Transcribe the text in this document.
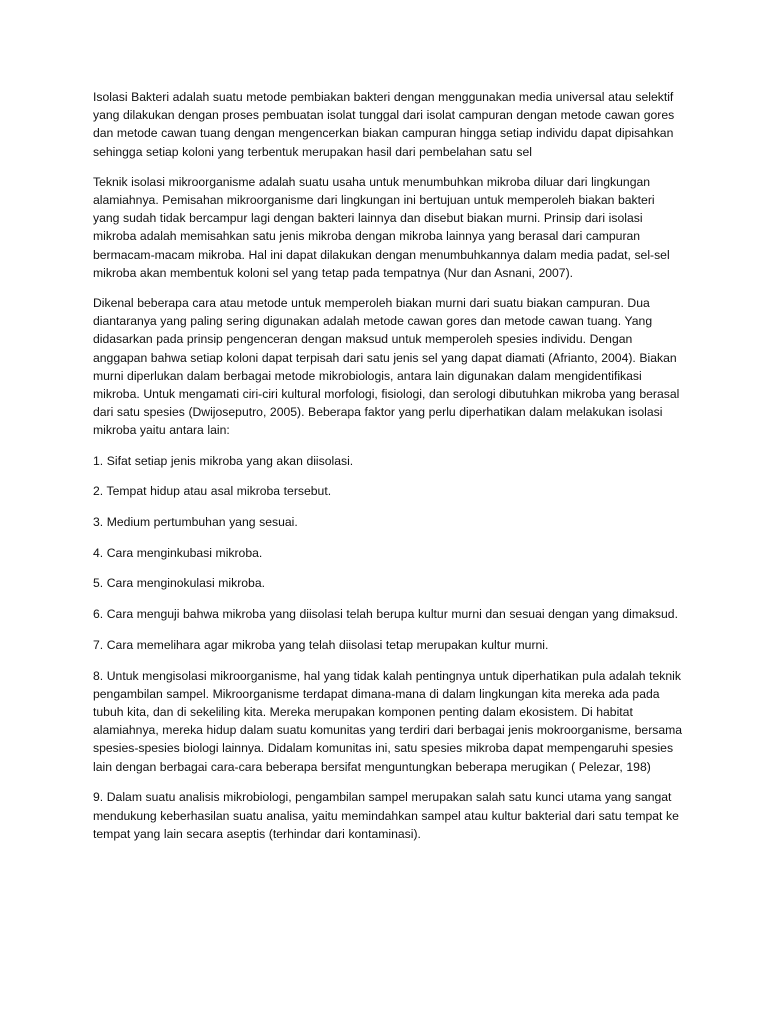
Isolasi Bakteri adalah suatu metode pembiakan bakteri dengan menggunakan media universal atau selektif yang dilakukan dengan proses pembuatan isolat tunggal dari isolat campuran dengan metode cawan gores dan metode cawan tuang dengan mengencerkan biakan campuran hingga setiap individu dapat dipisahkan sehingga setiap koloni yang terbentuk merupakan hasil dari pembelahan satu sel

Teknik isolasi mikroorganisme adalah suatu usaha untuk menumbuhkan mikroba diluar dari lingkungan alamiahnya. Pemisahan mikroorganisme dari lingkungan ini bertujuan untuk memperoleh biakan bakteri yang sudah tidak bercampur lagi dengan bakteri lainnya dan disebut biakan murni. Prinsip dari isolasi mikroba adalah memisahkan satu jenis mikroba dengan mikroba lainnya yang berasal dari campuran bermacam-macam mikroba. Hal ini dapat dilakukan dengan menumbuhkannya dalam media padat, sel-sel mikroba akan membentuk koloni sel yang tetap pada tempatnya (Nur dan Asnani, 2007).

Dikenal beberapa cara atau metode untuk memperoleh biakan murni dari suatu biakan campuran. Dua diantaranya yang paling sering digunakan adalah metode cawan gores dan metode cawan tuang. Yang didasarkan pada prinsip pengenceran dengan maksud untuk memperoleh spesies individu. Dengan anggapan bahwa setiap koloni dapat terpisah dari satu jenis sel yang dapat diamati (Afrianto, 2004). Biakan murni diperlukan dalam berbagai metode mikrobiologis, antara lain digunakan dalam mengidentifikasi mikroba. Untuk mengamati ciri-ciri kultural morfologi, fisiologi, dan serologi dibutuhkan mikroba yang berasal dari satu spesies (Dwijoseputro, 2005). Beberapa faktor yang perlu diperhatikan dalam melakukan isolasi mikroba yaitu antara lain:

1. Sifat setiap jenis mikroba yang akan diisolasi.

2. Tempat hidup atau asal mikroba tersebut.

3. Medium pertumbuhan yang sesuai.

4. Cara menginkubasi mikroba.

5. Cara menginokulasi mikroba.

6. Cara menguji bahwa mikroba yang diisolasi telah berupa kultur murni dan sesuai dengan yang dimaksud.

7. Cara memelihara agar mikroba yang telah diisolasi tetap merupakan kultur murni.

8. Untuk mengisolasi mikroorganisme, hal yang tidak kalah pentingnya untuk diperhatikan pula adalah teknik pengambilan sampel. Mikroorganisme terdapat dimana-mana di dalam lingkungan kita mereka ada pada tubuh kita, dan di sekeliling kita. Mereka merupakan komponen penting dalam ekosistem. Di habitat alamiahnya, mereka hidup dalam suatu komunitas yang terdiri dari berbagai jenis mokroorganisme, bersama spesies-spesies biologi lainnya. Didalam komunitas ini, satu spesies mikroba dapat mempengaruhi spesies lain dengan berbagai cara-cara beberapa bersifat menguntungkan beberapa merugikan ( Pelezar, 198)

9. Dalam suatu analisis mikrobiologi, pengambilan sampel merupakan salah satu kunci utama yang sangat mendukung keberhasilan suatu analisa, yaitu memindahkan sampel atau kultur bakterial dari satu tempat ke tempat yang lain secara aseptis (terhindar dari kontaminasi).
